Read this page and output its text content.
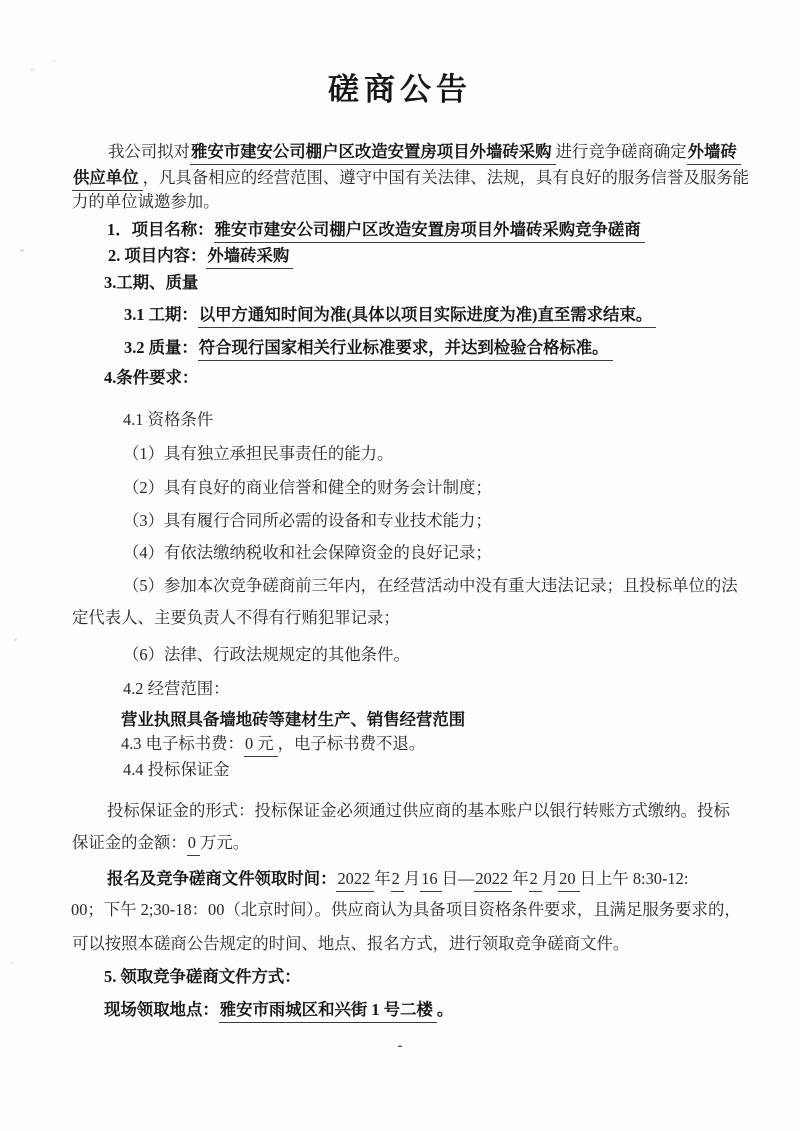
磋商公告
我公司拟对雅安市建安公司棚户区改造安置房项目外墙砖采购 进行竞争磋商确定外墙砖
供应单位 ，凡具备相应的经营范围、遵守中国有关法律、法规，具有良好的服务信誉及服务能
力的单位诚邀参加。
1．项目名称：雅安市建安公司棚户区改造安置房项目外墙砖采购竞争磋商
2. 项目内容：外墙砖采购
3.工期、质量
3.1 工期：以甲方通知时间为准(具体以项目实际进度为准)直至需求结束。
3.2 质量：符合现行国家相关行业标准要求，并达到检验合格标准。
4.条件要求：
4.1 资格条件
（1）具有独立承担民事责任的能力。
（2）具有良好的商业信誉和健全的财务会计制度；
（3）具有履行合同所必需的设备和专业技术能力；
（4）有依法缴纳税收和社会保障资金的良好记录；
（5）参加本次竞争磋商前三年内，在经营活动中没有重大违法记录；且投标单位的法
定代表人、主要负责人不得有行贿犯罪记录；
（6）法律、行政法规规定的其他条件。
4.2 经营范围：
营业执照具备墙地砖等建材生产、销售经营范围
4.3 电子标书费：0 元 ，电子标书费不退。
4.4 投标保证金
投标保证金的形式：投标保证金必须通过供应商的基本账户以银行转账方式缴纳。投标
保证金的金额：0 万元。
报名及竞争磋商文件领取时间：2022年2 月16 日—2022年2 月20 日上午 8:30-12:
00；下午 2;30-18：00（北京时间）。供应商认为具备项目资格条件要求，且满足服务要求的，
可以按照本磋商公告规定的时间、地点、报名方式，进行领取竞争磋商文件。
5. 领取竞争磋商文件方式：
现场领取地点：雅安市雨城区和兴街 1 号二楼 。
-
